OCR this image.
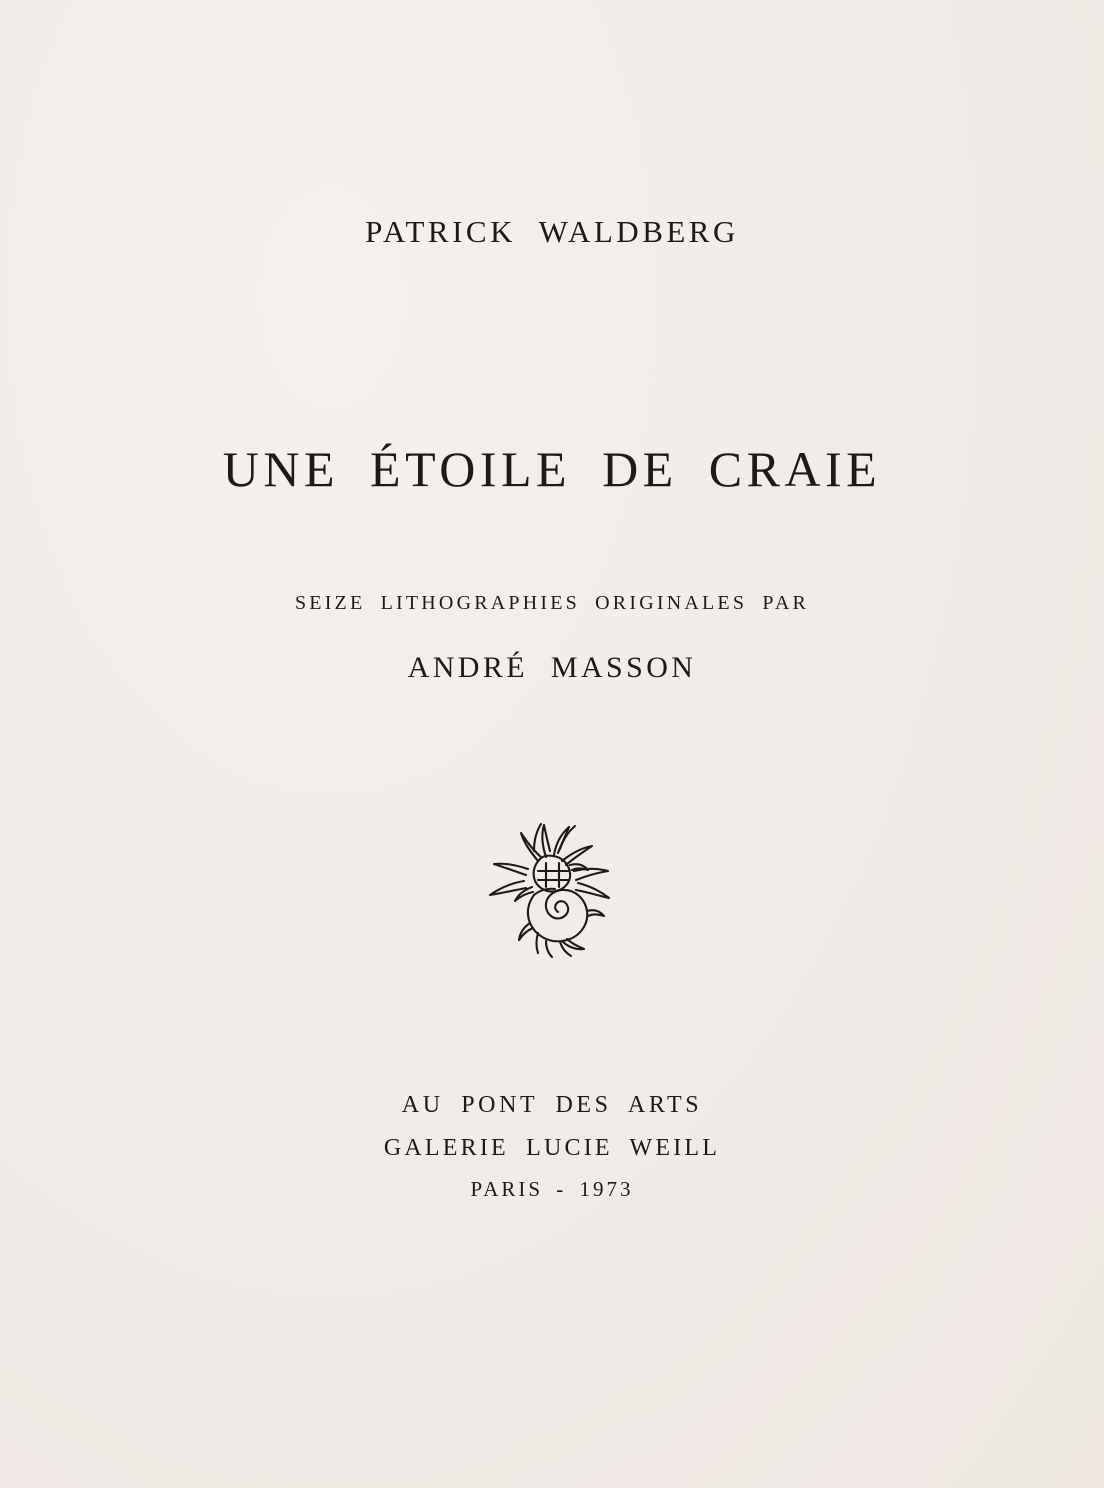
PATRICK WALDBERG
UNE ÉTOILE DE CRAIE
SEIZE LITHOGRAPHIES ORIGINALES PAR
ANDRÉ MASSON
AU PONT DES ARTS
GALERIE LUCIE WEILL
PARIS - 1973
